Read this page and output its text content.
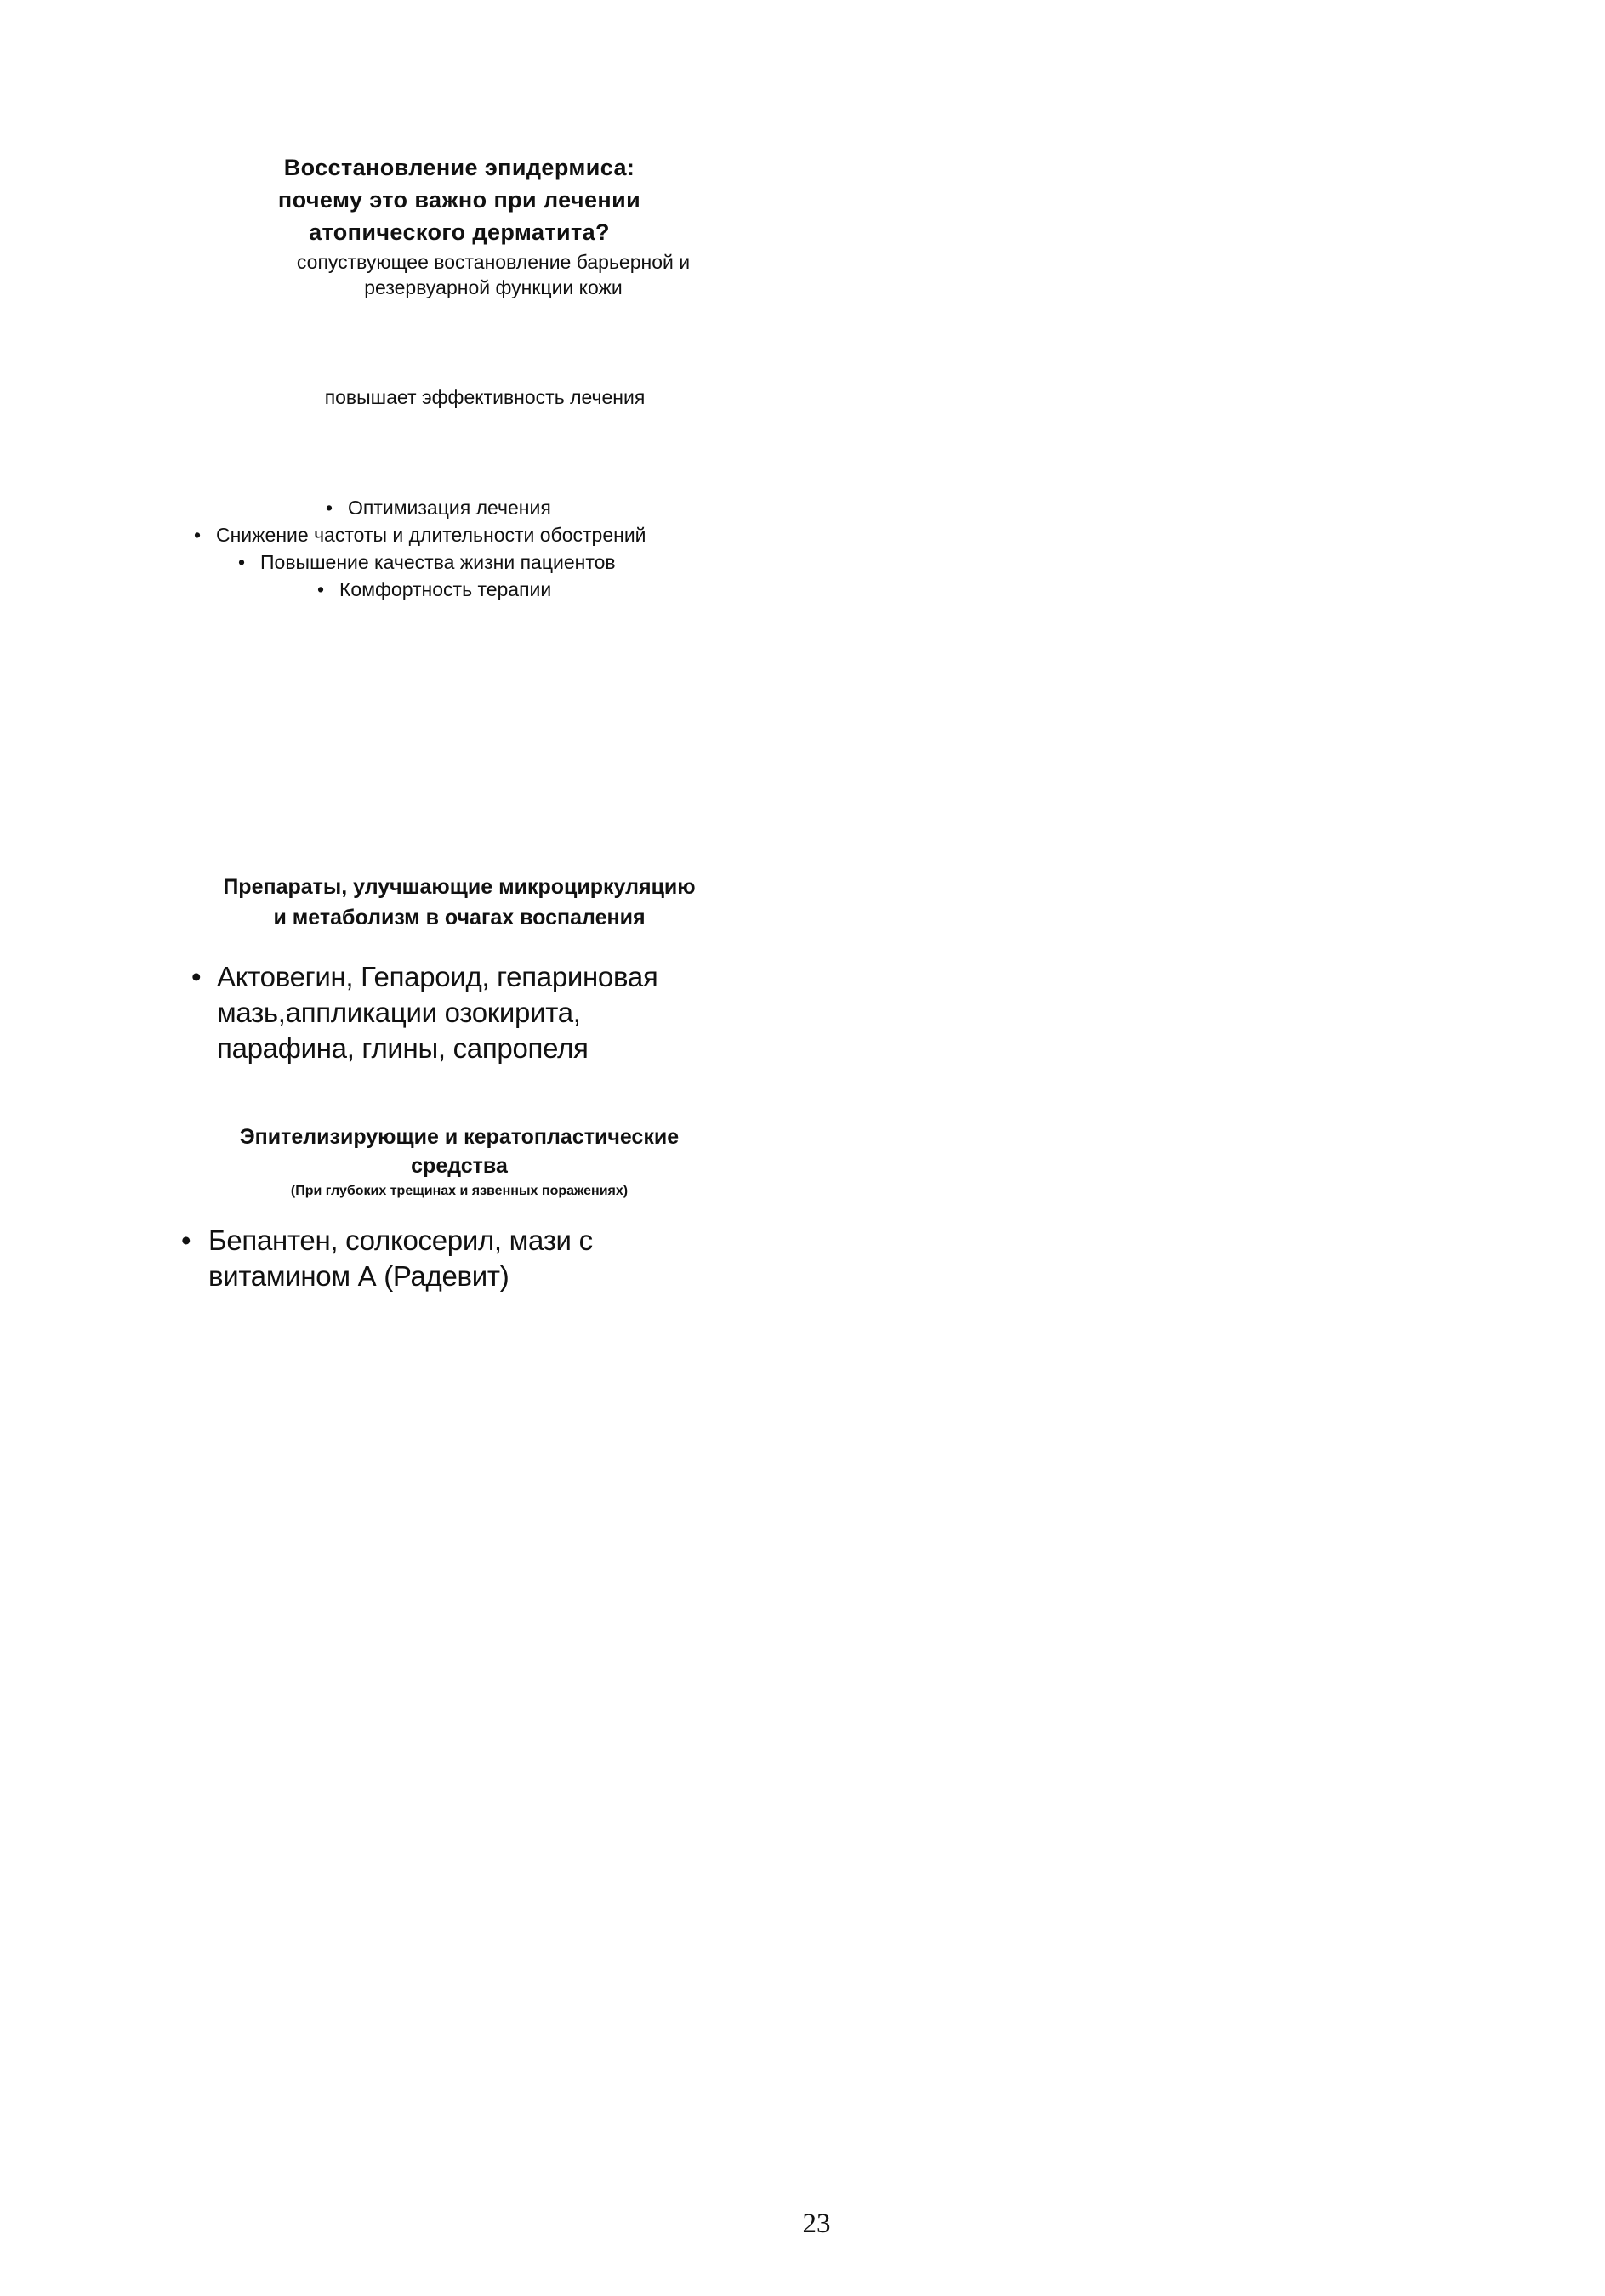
Восстановление эпидермиса:
почему это важно при лечении
атопического дерматита?
сопуствующее востановление барьерной и
резервуарной функции кожи
повышает эффективность лечения
• Оптимизация лечения
• Снижение частоты и длительности обострений
• Повышение качества жизни пациентов
• Комфортность терапии
Препараты, улучшающие микроциркуляцию
и метаболизм в очагах воспаления
• Актовегин, Гепароид, гепариновая
мазь,аппликации озокирита,
парафина, глины, сапропеля
Эпителизирующие и кератопластические
средства
(При глубоких трещинах и язвенных поражениях)
• Бепантен, солкосерил, мази с
витамином А (Радевит)
23
